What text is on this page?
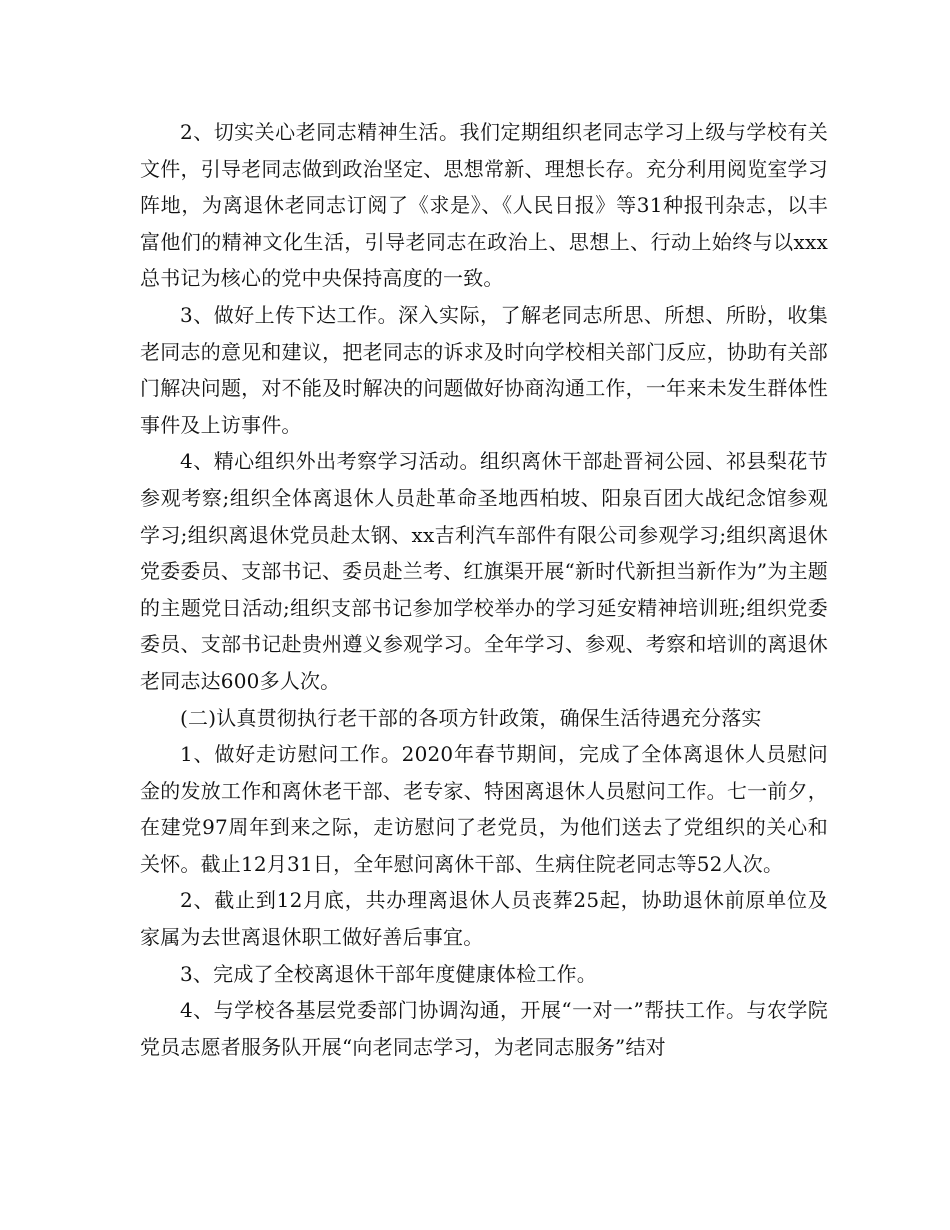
2、切实关心老同志精神生活。我们定期组织老同志学习上级与学校有关文件，引导老同志做到政治坚定、思想常新、理想长存。充分利用阅览室学习阵地，为离退休老同志订阅了《求是》、《人民日报》等31种报刊杂志，以丰富他们的精神文化生活，引导老同志在政治上、思想上、行动上始终与以xxx总书记为核心的党中央保持高度的一致。

3、做好上传下达工作。深入实际，了解老同志所思、所想、所盼，收集老同志的意见和建议，把老同志的诉求及时向学校相关部门反应，协助有关部门解决问题，对不能及时解决的问题做好协商沟通工作，一年来未发生群体性事件及上访事件。

4、精心组织外出考察学习活动。组织离休干部赴晋祠公园、祁县梨花节参观考察;组织全体离退休人员赴革命圣地西柏坡、阳泉百团大战纪念馆参观学习;组织离退休党员赴太钢、xx吉利汽车部件有限公司参观学习;组织离退休党委委员、支部书记、委员赴兰考、红旗渠开展“新时代新担当新作为”为主题的主题党日活动;组织支部书记参加学校举办的学习延安精神培训班;组织党委委员、支部书记赴贵州遵义参观学习。全年学习、参观、考察和培训的离退休老同志达600多人次。

(二)认真贯彻执行老干部的各项方针政策，确保生活待遇充分落实

1、做好走访慰问工作。2020年春节期间，完成了全体离退休人员慰问金的发放工作和离休老干部、老专家、特困离退休人员慰问工作。七一前夕，在建党97周年到来之际，走访慰问了老党员，为他们送去了党组织的关心和关怀。截止12月31日，全年慰问离休干部、生病住院老同志等52人次。

2、截止到12月底，共办理离退休人员丧葬25起，协助退休前原单位及家属为去世离退休职工做好善后事宜。

3、完成了全校离退休干部年度健康体检工作。

4、与学校各基层党委部门协调沟通，开展“一对一”帮扶工作。与农学院党员志愿者服务队开展“向老同志学习，为老同志服务”结对
